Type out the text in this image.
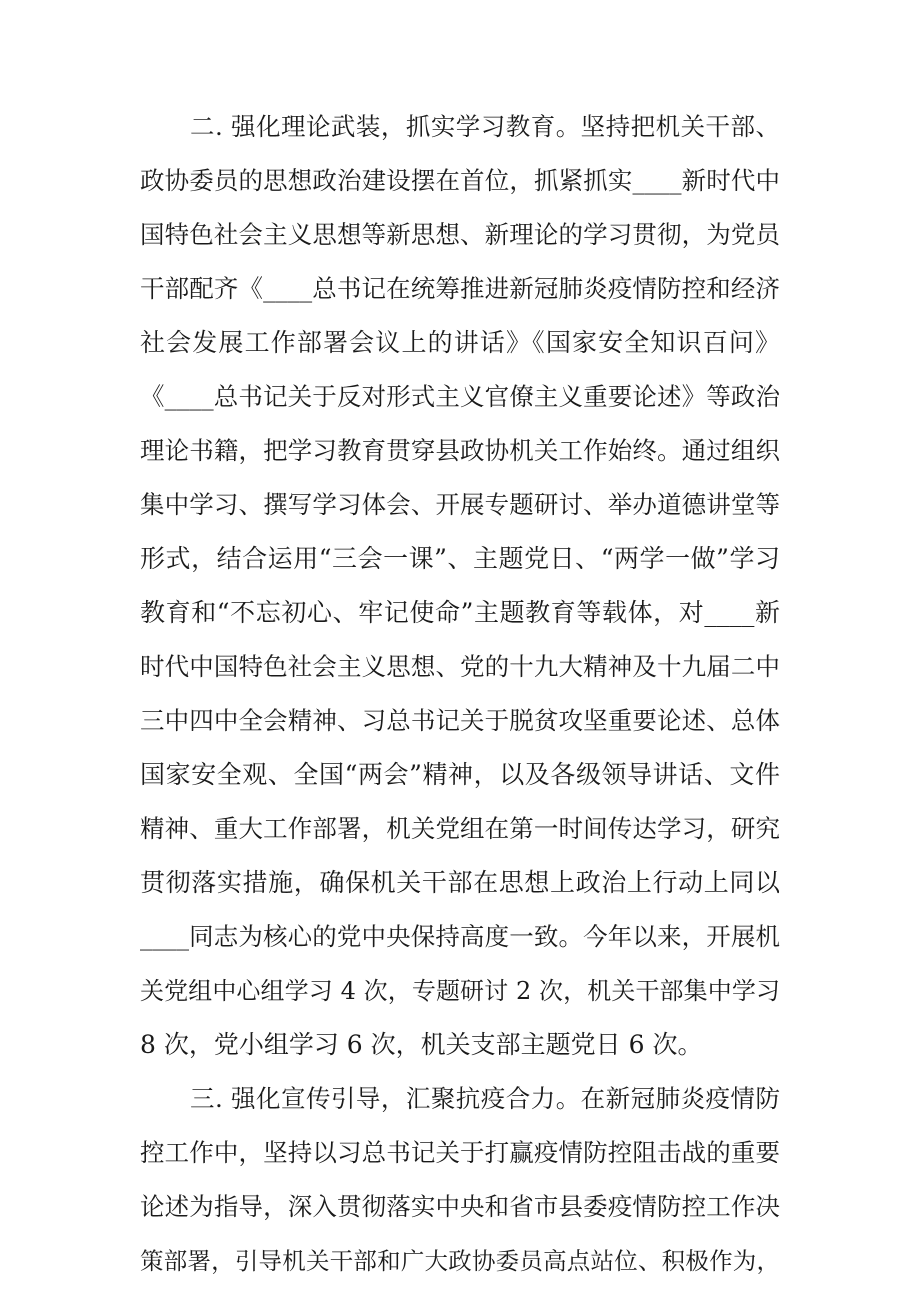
二. 强化理论武装，抓实学习教育。坚持把机关干部、
政协委员的思想政治建设摆在首位，抓紧抓实____新时代中
国特色社会主义思想等新思想、新理论的学习贯彻，为党员
干部配齐《____总书记在统筹推进新冠肺炎疫情防控和经济
社会发展工作部署会议上的讲话》《国家安全知识百问》
《____总书记关于反对形式主义官僚主义重要论述》等政治
理论书籍，把学习教育贯穿县政协机关工作始终。通过组织
集中学习、撰写学习体会、开展专题研讨、举办道德讲堂等
形式，结合运用“三会一课”、主题党日、“两学一做”学习
教育和“不忘初心、牢记使命”主题教育等载体，对____新
时代中国特色社会主义思想、党的十九大精神及十九届二中
三中四中全会精神、习总书记关于脱贫攻坚重要论述、总体
国家安全观、全国“两会”精神，以及各级领导讲话、文件
精神、重大工作部署，机关党组在第一时间传达学习，研究
贯彻落实措施，确保机关干部在思想上政治上行动上同以
____同志为核心的党中央保持高度一致。今年以来，开展机
关党组中心组学习 4 次，专题研讨 2 次，机关干部集中学习
8 次，党小组学习 6 次，机关支部主题党日 6 次。
三. 强化宣传引导，汇聚抗疫合力。在新冠肺炎疫情防
控工作中，坚持以习总书记关于打赢疫情防控阻击战的重要
论述为指导，深入贯彻落实中央和省市县委疫情防控工作决
策部署，引导机关干部和广大政协委员高点站位、积极作为，
